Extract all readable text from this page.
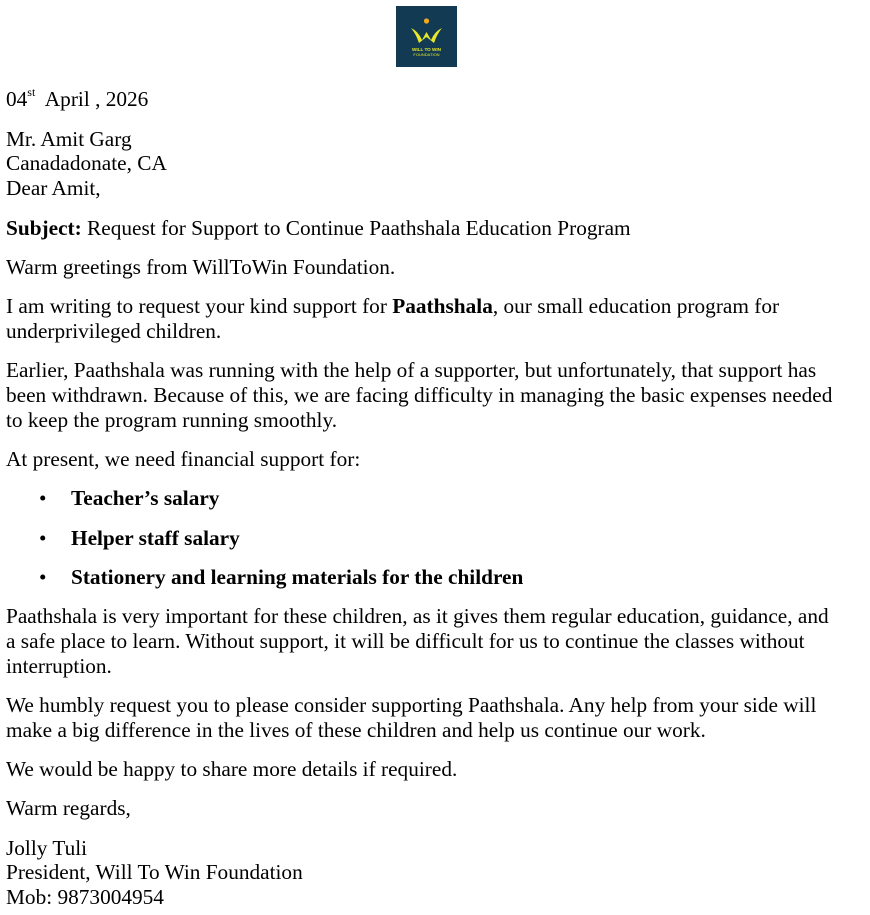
WILL TO WIN
FOUNDATION

04st April , 2026

Mr. Amit Garg

Canadadonate, CA

Dear Amit,

Subject: Request for Support to Continue Paathshala Education Program

Warm greetings from WillToWin Foundation.

I am writing to request your kind support for Paathshala, our small education program for

underprivileged children.

Earlier, Paathshala was running with the help of a supporter, but unfortunately, that support has

been withdrawn. Because of this, we are facing difficulty in managing the basic expenses needed

to keep the program running smoothly.

At present, we need financial support for:

• Teacher’s salary
• Helper staff salary
• Stationery and learning materials for the children

Paathshala is very important for these children, as it gives them regular education, guidance, and

a safe place to learn. Without support, it will be difficult for us to continue the classes without

interruption.

We humbly request you to please consider supporting Paathshala. Any help from your side will

make a big difference in the lives of these children and help us continue our work.

We would be happy to share more details if required.

Warm regards,

Jolly Tuli

President, Will To Win Foundation

Mob: 9873004954
